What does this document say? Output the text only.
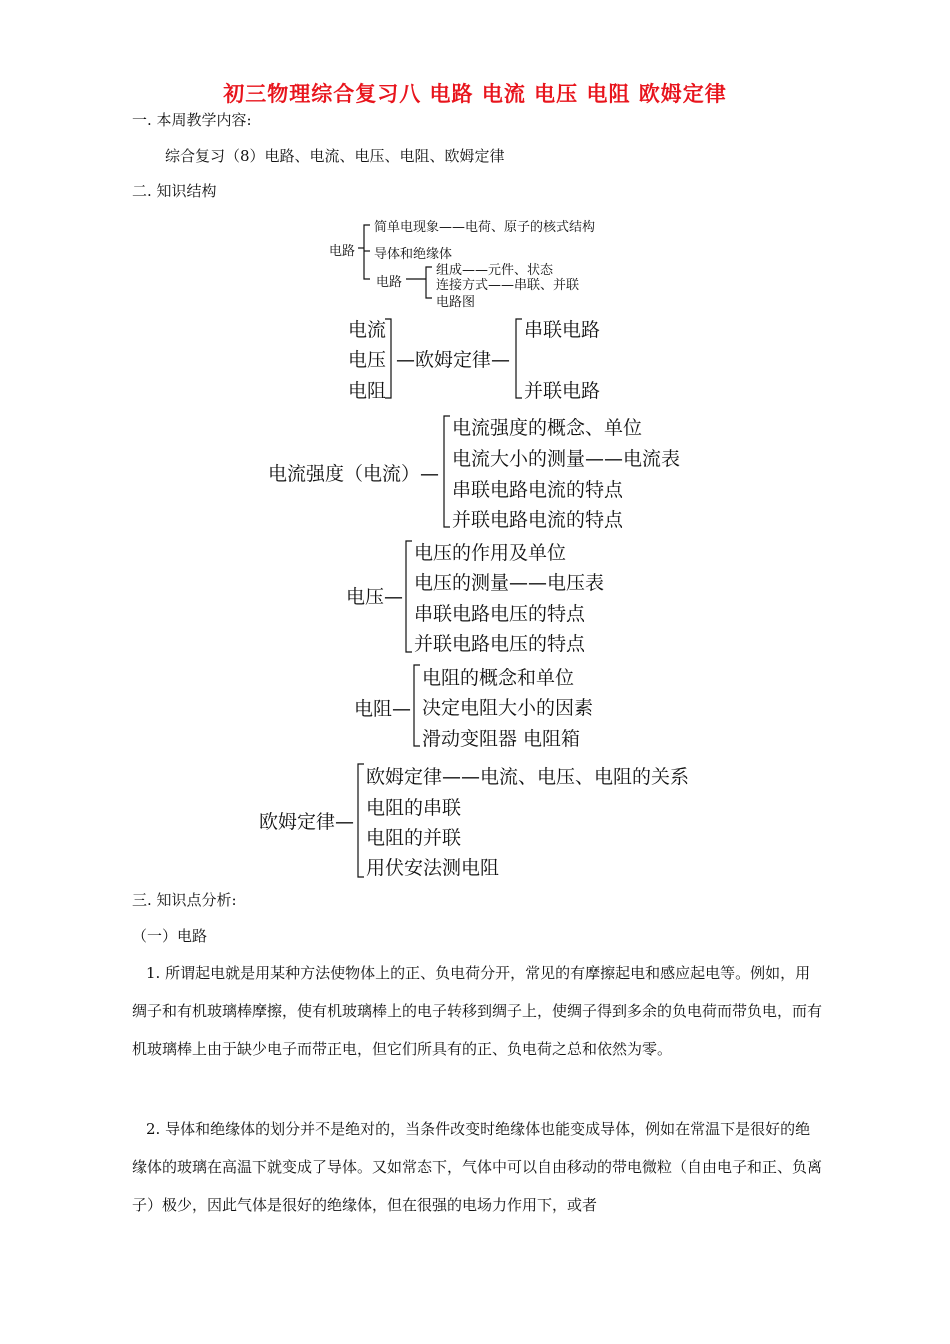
初三物理综合复习八 电路 电流 电压 电阻 欧姆定律
一. 本周教学内容:
综合复习（8）电路、电流、电压、电阻、欧姆定律
二. 知识结构
电路
简单电现象——电荷、原子的核式结构
导体和绝缘体
电路
组成——元件、状态
连接方式——串联、并联
电路图
电流
电压
电阻
—欧姆定律—
串联电路
并联电路
电流强度（电流）—
电流强度的概念、单位
电流大小的测量——电流表
串联电路电流的特点
并联电路电流的特点
电压—
电压的作用及单位
电压的测量——电压表
串联电路电压的特点
并联电路电压的特点
电阻—
电阻的概念和单位
决定电阻大小的因素
滑动变阻器 电阻箱
欧姆定律—
欧姆定律——电流、电压、电阻的关系
电阻的串联
电阻的并联
用伏安法测电阻
三. 知识点分析:
（一）电路
1. 所谓起电就是用某种方法使物体上的正、负电荷分开，常见的有摩擦起电和感应起电等。例如，用绸子和有机玻璃棒摩擦，使有机玻璃棒上的电子转移到绸子上，使绸子得到多余的负电荷而带负电，而有机玻璃棒上由于缺少电子而带正电，但它们所具有的正、负电荷之总和依然为零。
2. 导体和绝缘体的划分并不是绝对的，当条件改变时绝缘体也能变成导体，例如在常温下是很好的绝缘体的玻璃在高温下就变成了导体。又如常态下，气体中可以自由移动的带电微粒（自由电子和正、负离子）极少，因此气体是很好的绝缘体，但在很强的电场力作用下，或者
